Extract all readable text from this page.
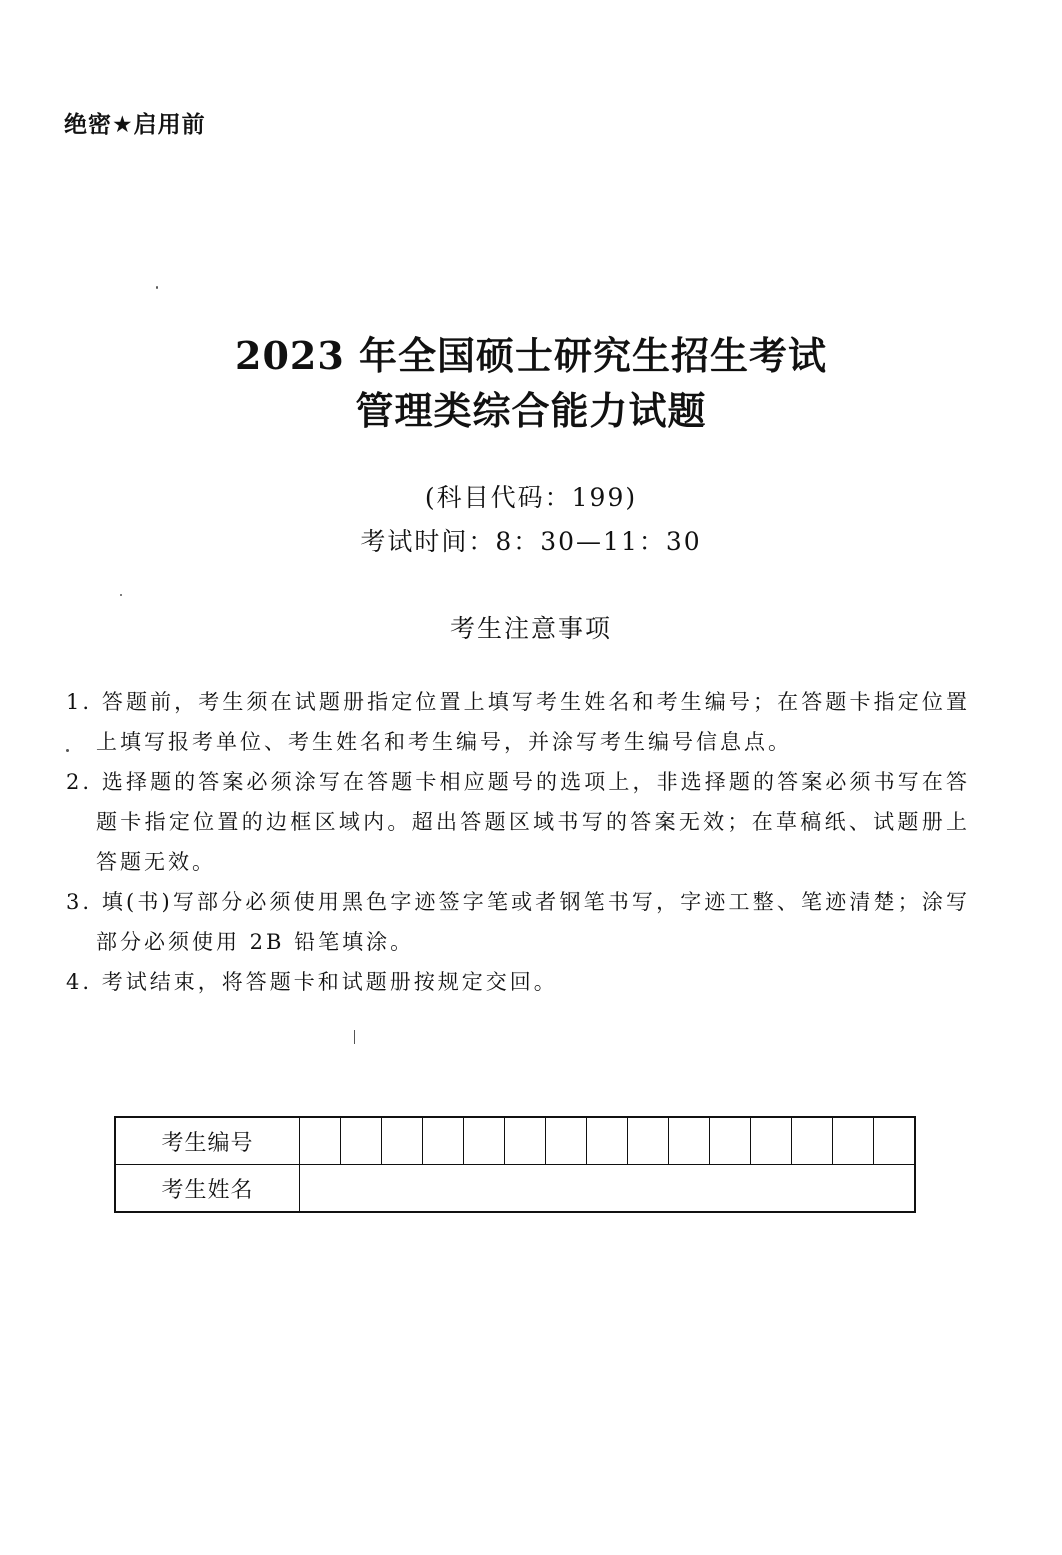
绝密★启用前
2023 年全国硕士研究生招生考试
管理类综合能力试题
(科目代码：199)
考试时间：8：30—11：30
考生注意事项
1. 答题前，考生须在试题册指定位置上填写考生姓名和考生编号；在答题卡指定位置上填写报考单位、考生姓名和考生编号，并涂写考生编号信息点。
2. 选择题的答案必须涂写在答题卡相应题号的选项上，非选择题的答案必须书写在答题卡指定位置的边框区域内。超出答题区域书写的答案无效；在草稿纸、试题册上答题无效。
3. 填(书)写部分必须使用黑色字迹签字笔或者钢笔书写，字迹工整、笔迹清楚；涂写部分必须使用 2B 铅笔填涂。
4. 考试结束，将答题卡和试题册按规定交回。
考生编号
考生姓名
